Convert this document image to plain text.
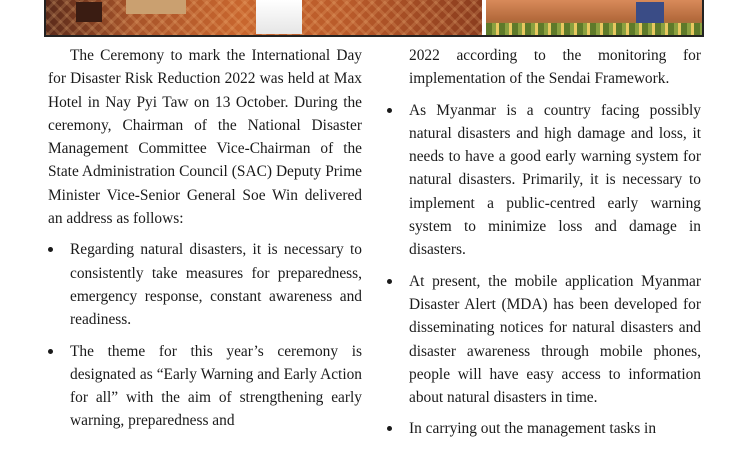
The Ceremony to mark the International Day for Disaster Risk Reduction 2022 was held at Max Hotel in Nay Pyi Taw on 13 October. During the ceremony, Chairman of the National Disaster Management Committee Vice-Chairman of the State Administration Council (SAC) Deputy Prime Minister Vice-Senior General Soe Win delivered an address as follows:

Regarding natural disasters, it is necessary to consistently take measures for preparedness, emergency response, constant awareness and readiness.

The theme for this year’s ceremony is designated as “Early Warning and Early Action for all” with the aim of strengthening early warning, preparedness and

2022 according to the monitoring for implementation of the Sendai Framework.

As Myanmar is a country facing possibly natural disasters and high damage and loss, it needs to have a good early warning system for natural disasters. Primarily, it is necessary to implement a public-centred early warning system to minimize loss and damage in disasters.

At present, the mobile application Myanmar Disaster Alert (MDA) has been developed for disseminating notices for natural disasters and disaster awareness through mobile phones, people will have easy access to information about natural disasters in time.

In carrying out the management tasks in
